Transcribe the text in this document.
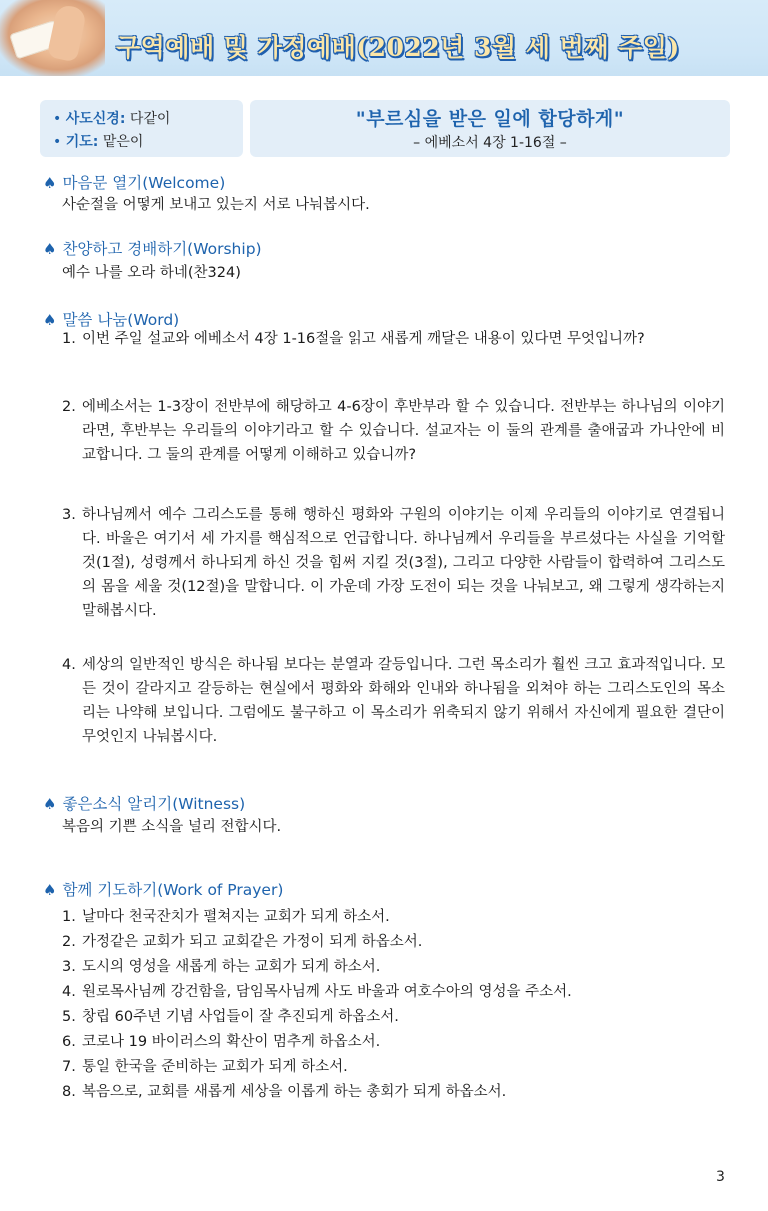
구역예배 및 가정예배(2022년 3월 세 번째 주일)
• 사도신경: 다같이
• 기도: 맡은이
"부르심을 받은 일에 합당하게"
– 에베소서 4장 1-16절 –
♠ 마음문 열기(Welcome)
사순절을 어떻게 보내고 있는지 서로 나눠봅시다.
♠ 찬양하고 경배하기(Worship)
예수 나를 오라 하네(찬324)
♠ 말씀 나눔(Word)
1. 이번 주일 설교와 에베소서 4장 1-16절을 읽고 새롭게 깨달은 내용이 있다면 무엇입니까?
2. 에베소서는 1-3장이 전반부에 해당하고 4-6장이 후반부라 할 수 있습니다. 전반부는 하나님의 이야기라면, 후반부는 우리들의 이야기라고 할 수 있습니다. 설교자는 이 둘의 관계를 출애굽과 가나안에 비교합니다. 그 둘의 관계를 어떻게 이해하고 있습니까?
3. 하나님께서 예수 그리스도를 통해 행하신 평화와 구원의 이야기는 이제 우리들의 이야기로 연결됩니다. 바울은 여기서 세 가지를 핵심적으로 언급합니다. 하나님께서 우리들을 부르셨다는 사실을 기억할 것(1절), 성령께서 하나되게 하신 것을 힘써 지킬 것(3절), 그리고 다양한 사람들이 합력하여 그리스도의 몸을 세울 것(12절)을 말합니다. 이 가운데 가장 도전이 되는 것을 나눠보고, 왜 그렇게 생각하는지 말해봅시다.
4. 세상의 일반적인 방식은 하나됨 보다는 분열과 갈등입니다. 그런 목소리가 훨씬 크고 효과적입니다. 모든 것이 갈라지고 갈등하는 현실에서 평화와 화해와 인내와 하나됨을 외쳐야 하는 그리스도인의 목소리는 나약해 보입니다. 그럼에도 불구하고 이 목소리가 위축되지 않기 위해서 자신에게 필요한 결단이 무엇인지 나눠봅시다.
♠ 좋은소식 알리기(Witness)
복음의 기쁜 소식을 널리 전합시다.
♠ 함께 기도하기(Work of Prayer)
1. 날마다 천국잔치가 펼쳐지는 교회가 되게 하소서.
2. 가정같은 교회가 되고 교회같은 가정이 되게 하옵소서.
3. 도시의 영성을 새롭게 하는 교회가 되게 하소서.
4. 원로목사님께 강건함을, 담임목사님께 사도 바울과 여호수아의 영성을 주소서.
5. 창립 60주년 기념 사업들이 잘 추진되게 하옵소서.
6. 코로나 19 바이러스의 확산이 멈추게 하옵소서.
7. 통일 한국을 준비하는 교회가 되게 하소서.
8. 복음으로, 교회를 새롭게 세상을 이롭게 하는 총회가 되게 하옵소서.
3
